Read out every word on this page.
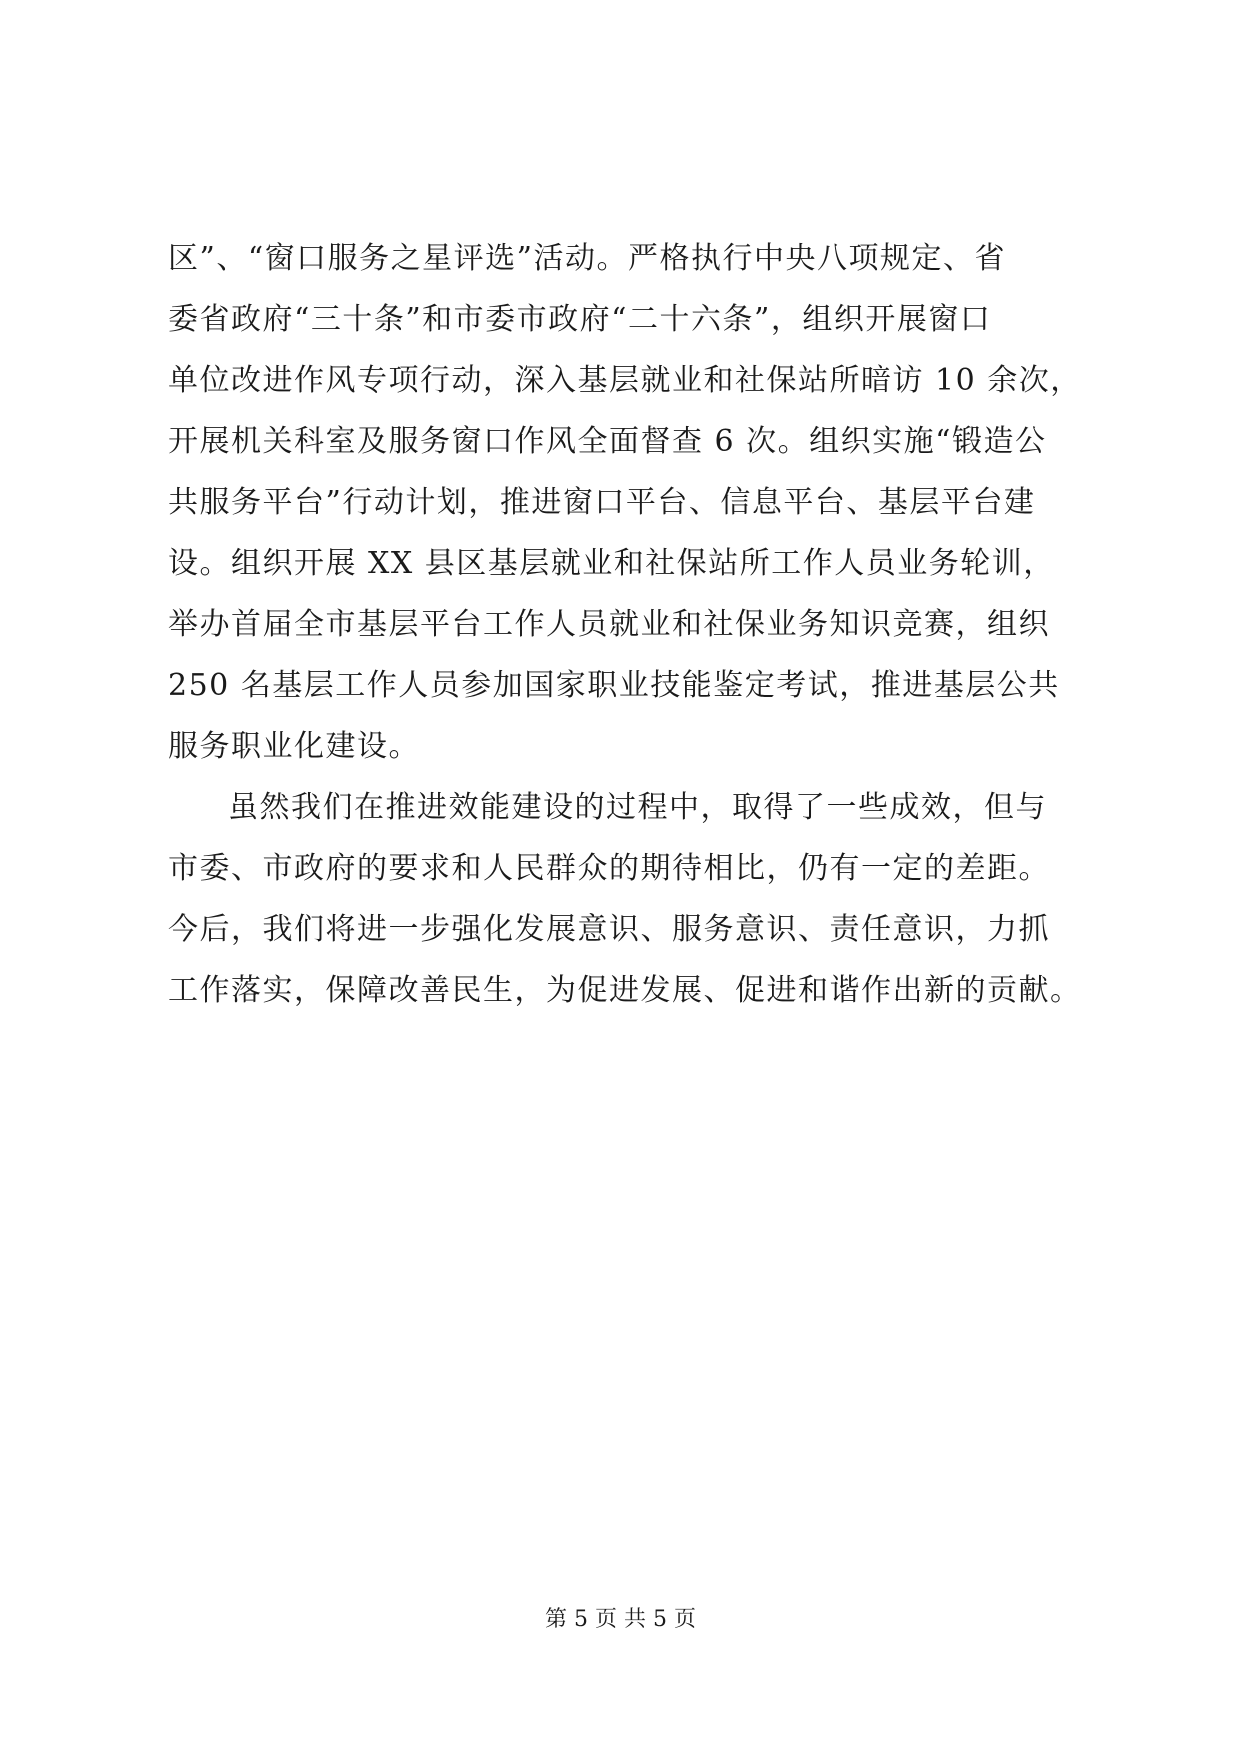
区”、“窗口服务之星评选”活动。严格执行中央八项规定、省
委省政府“三十条”和市委市政府“二十六条”，组织开展窗口
单位改进作风专项行动，深入基层就业和社保站所暗访 10 余次，
开展机关科室及服务窗口作风全面督查 6 次。组织实施“锻造公
共服务平台”行动计划，推进窗口平台、信息平台、基层平台建
设。组织开展 XX 县区基层就业和社保站所工作人员业务轮训，
举办首届全市基层平台工作人员就业和社保业务知识竞赛，组织
250 名基层工作人员参加国家职业技能鉴定考试，推进基层公共
服务职业化建设。
虽然我们在推进效能建设的过程中，取得了一些成效，但与
市委、市政府的要求和人民群众的期待相比，仍有一定的差距。
今后，我们将进一步强化发展意识、服务意识、责任意识，力抓
工作落实，保障改善民生，为促进发展、促进和谐作出新的贡献。
第 5 页 共 5 页
